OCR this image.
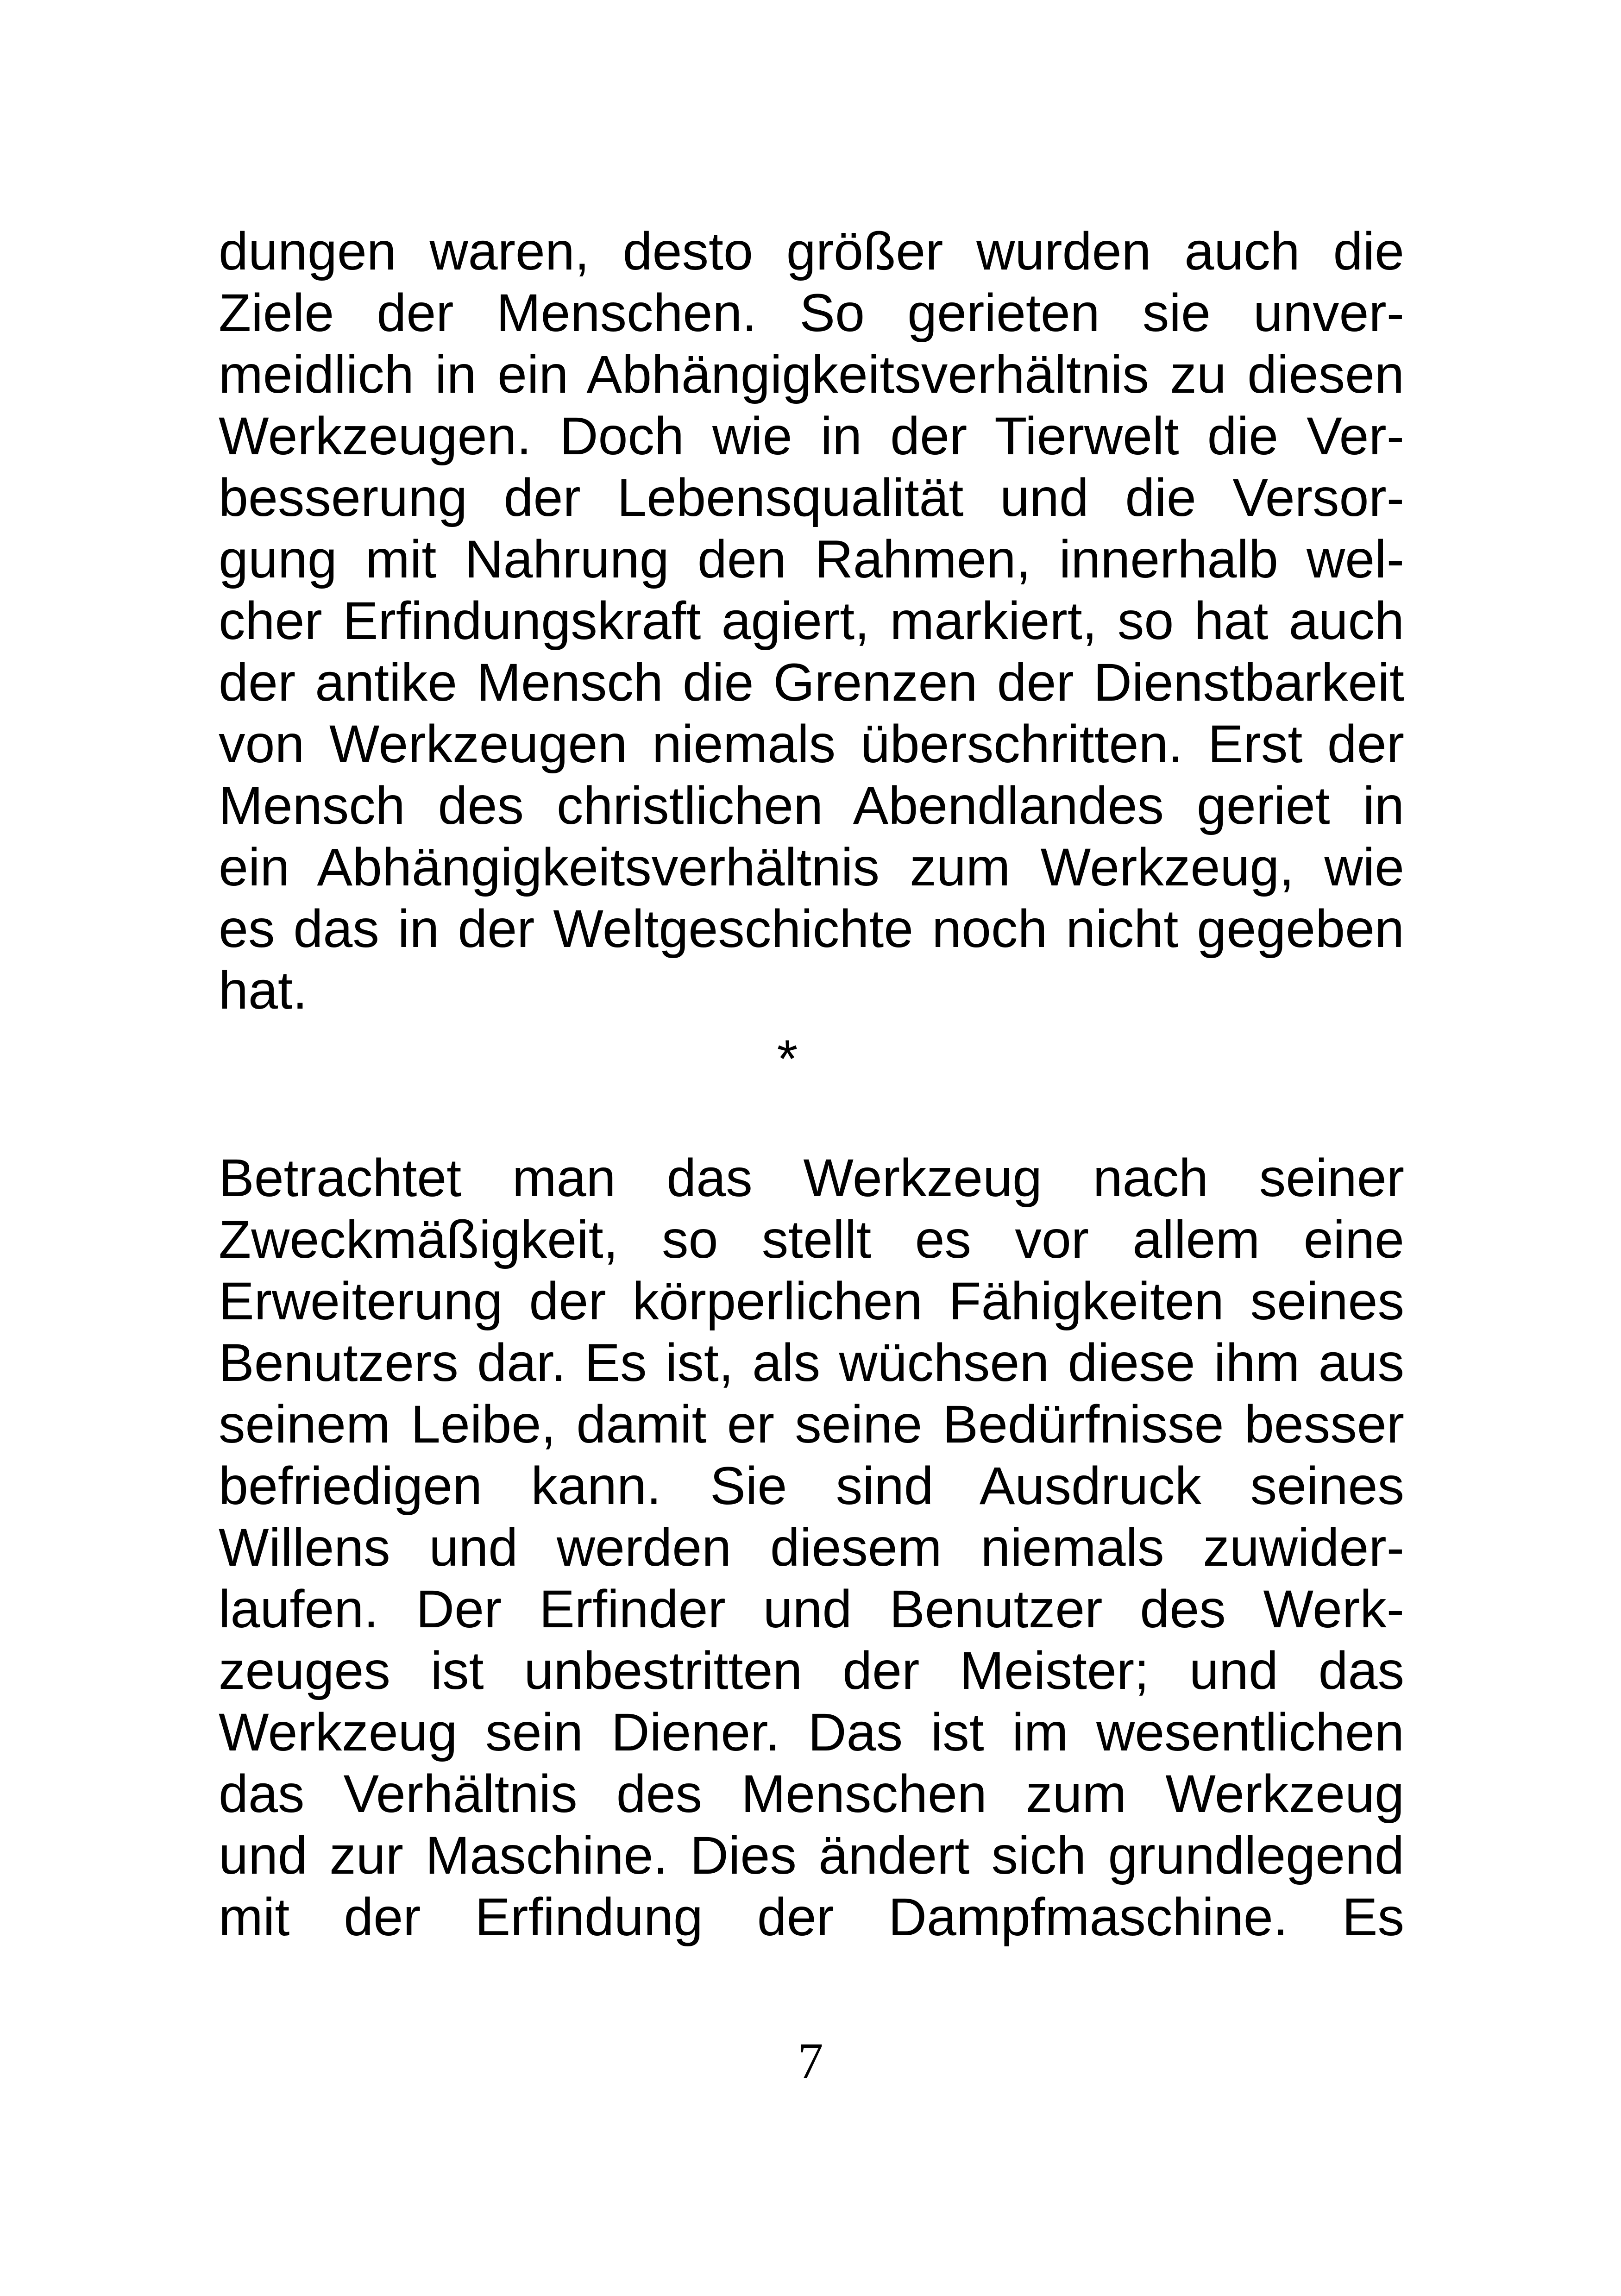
dungen waren, desto größer wurden auch die

Ziele der Menschen. So gerieten sie unver-

meidlich in ein Abhängigkeitsverhältnis zu diesen

Werkzeugen. Doch wie in der Tierwelt die Ver-

besserung der Lebensqualität und die Versor-

gung mit Nahrung den Rahmen, innerhalb wel-

cher Erfindungskraft agiert, markiert, so hat auch

der antike Mensch die Grenzen der Dienstbarkeit

von Werkzeugen niemals überschritten. Erst der

Mensch des christlichen Abendlandes geriet in

ein Abhängigkeitsverhältnis zum Werkzeug, wie

es das in der Weltgeschichte noch nicht gegeben

hat.

*

Betrachtet man das Werkzeug nach seiner

Zweckmäßigkeit, so stellt es vor allem eine

Erweiterung der körperlichen Fähigkeiten seines

Benutzers dar. Es ist, als wüchsen diese ihm aus

seinem Leibe, damit er seine Bedürfnisse besser

befriedigen kann. Sie sind Ausdruck seines

Willens und werden diesem niemals zuwider-

laufen. Der Erfinder und Benutzer des Werk-

zeuges ist unbestritten der Meister; und das

Werkzeug sein Diener. Das ist im wesentlichen

das Verhältnis des Menschen zum Werkzeug

und zur Maschine. Dies ändert sich grundlegend

mit der Erfindung der Dampfmaschine. Es

7
